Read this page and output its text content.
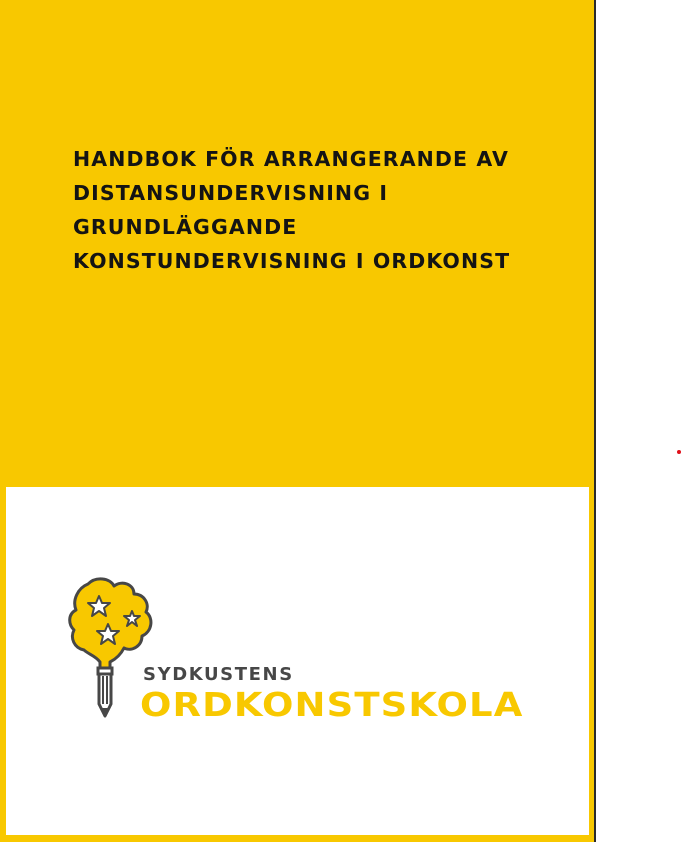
HANDBOK FÖR ARRANGERANDE AV DISTANSUNDERVISNING I GRUNDLÄGGANDE KONSTUNDERVISNING I ORDKONST
SYDKUSTENS
ORDKONSTSKOLA
